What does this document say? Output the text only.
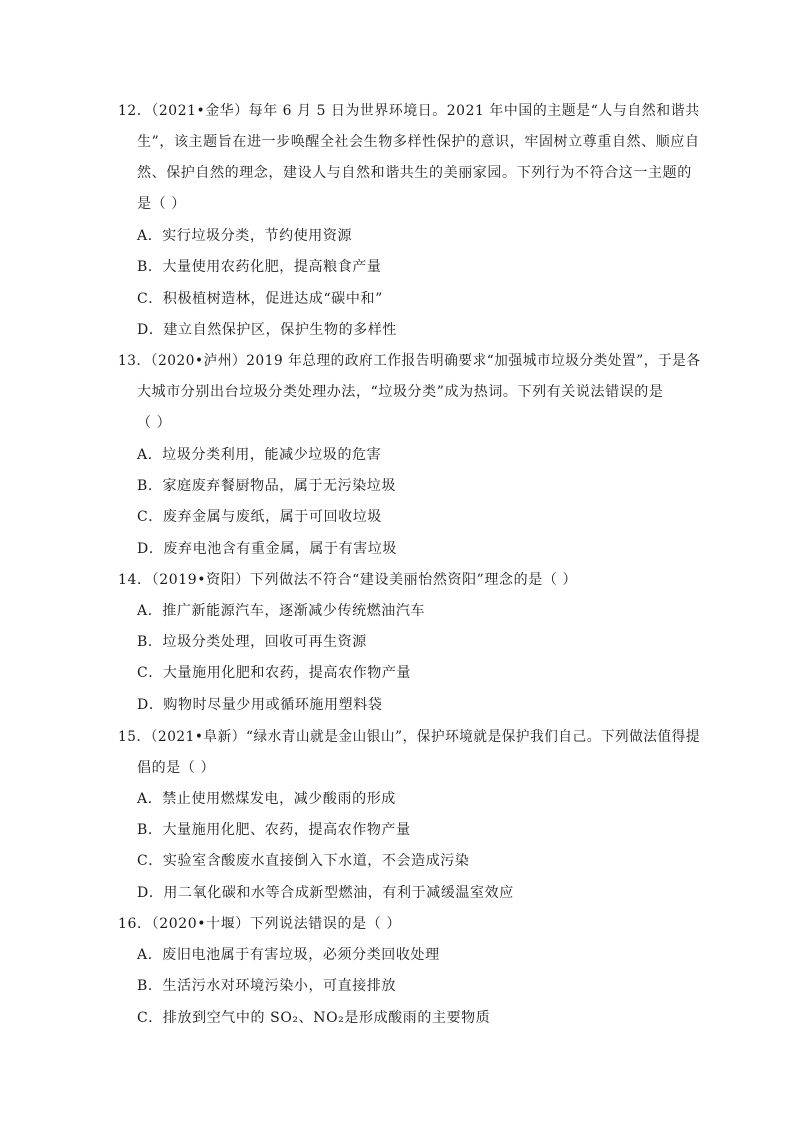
12．（2021•金华）每年 6 月 5 日为世界环境日。2021 年中国的主题是“人与自然和谐共
生”，该主题旨在进一步唤醒全社会生物多样性保护的意识，牢固树立尊重自然、顺应自
然、保护自然的理念，建设人与自然和谐共生的美丽家园。下列行为不符合这一主题的
是（ ）
A．实行垃圾分类，节约使用资源
B．大量使用农药化肥，提高粮食产量
C．积极植树造林，促进达成“碳中和”
D．建立自然保护区，保护生物的多样性
13．（2020•泸州）2019 年总理的政府工作报告明确要求“加强城市垃圾分类处置”，于是各
大城市分别出台垃圾分类处理办法，“垃圾分类”成为热词。下列有关说法错误的是
（ ）
A．垃圾分类利用，能减少垃圾的危害
B．家庭废弃餐厨物品，属于无污染垃圾
C．废弃金属与废纸，属于可回收垃圾
D．废弃电池含有重金属，属于有害垃圾
14．（2019•资阳）下列做法不符合“建设美丽怡然资阳”理念的是（ ）
A．推广新能源汽车，逐渐减少传统燃油汽车
B．垃圾分类处理，回收可再生资源
C．大量施用化肥和农药，提高农作物产量
D．购物时尽量少用或循环施用塑料袋
15．（2021•阜新）“绿水青山就是金山银山”，保护环境就是保护我们自己。下列做法值得提
倡的是（ ）
A．禁止使用燃煤发电，减少酸雨的形成
B．大量施用化肥、农药，提高农作物产量
C．实验室含酸废水直接倒入下水道，不会造成污染
D．用二氧化碳和水等合成新型燃油，有利于减缓温室效应
16．（2020•十堰）下列说法错误的是（ ）
A．废旧电池属于有害垃圾，必须分类回收处理
B．生活污水对环境污染小，可直接排放
C．排放到空气中的 SO₂、NO₂是形成酸雨的主要物质
